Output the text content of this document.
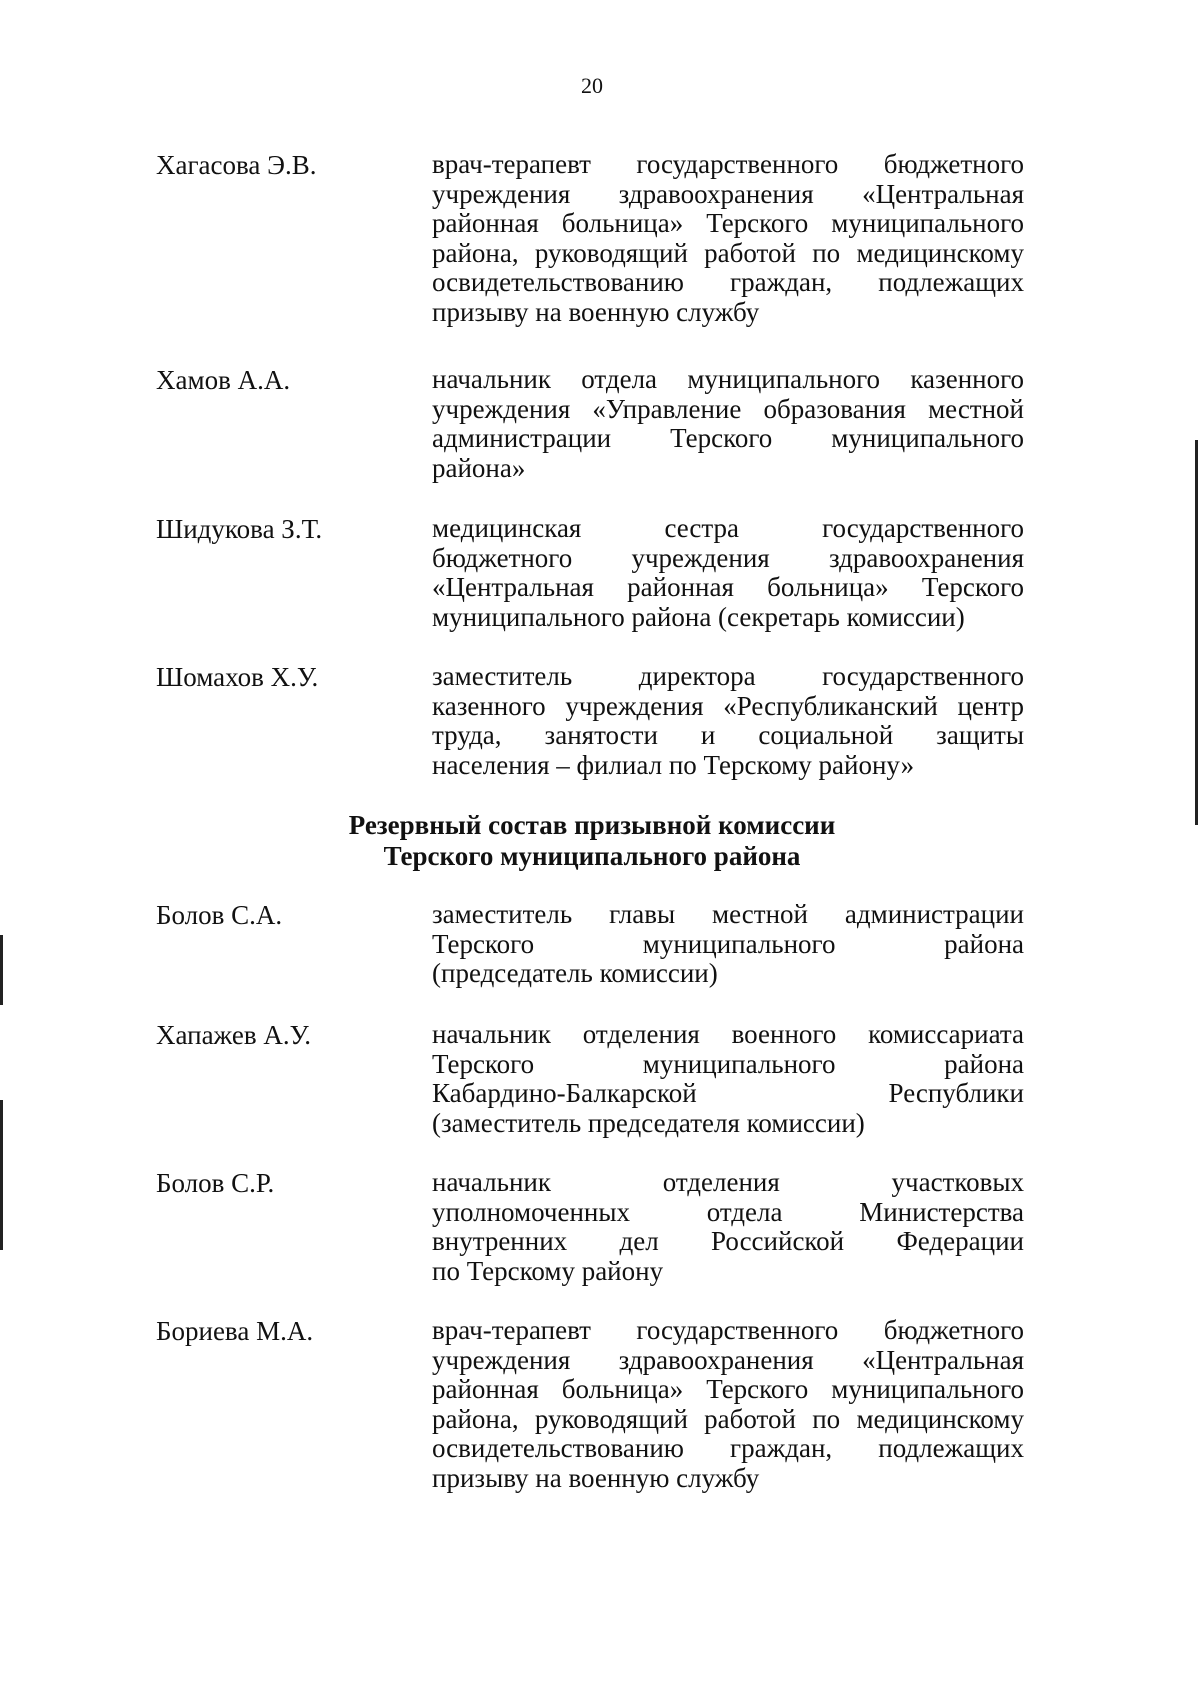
20
Хагасова Э.В.	врач-терапевт государственного бюджетного
учреждения здравоохранения «Центральная
районная больница» Терского муниципального
района, руководящий работой по медицинскому
освидетельствованию граждан, подлежащих
призыву на военную службу
Хамов А.А.	начальник отдела муниципального казенного
учреждения «Управление образования местной
администрации Терского муниципального
района»
Шидукова З.Т.	медицинская сестра государственного
бюджетного учреждения здравоохранения
«Центральная районная больница» Терского
муниципального района (секретарь комиссии)
Шомахов Х.У.	заместитель директора государственного
казенного учреждения «Республиканский центр
труда, занятости и социальной защиты
населения – филиал по Терскому району»
Резервный состав призывной комиссии
Терского муниципального района
Болов С.А.	заместитель главы местной администрации
Терского муниципального района
(председатель комиссии)
Хапажев А.У.	начальник отделения военного комиссариата
Терского муниципального района
Кабардино-Балкарской Республики
(заместитель председателя комиссии)
Болов С.Р.	начальник отделения участковых
уполномоченных отдела Министерства
внутренних дел Российской Федерации
по Терскому району
Бориева М.А.	врач-терапевт государственного бюджетного
учреждения здравоохранения «Центральная
районная больница» Терского муниципального
района, руководящий работой по медицинскому
освидетельствованию граждан, подлежащих
призыву на военную службу
